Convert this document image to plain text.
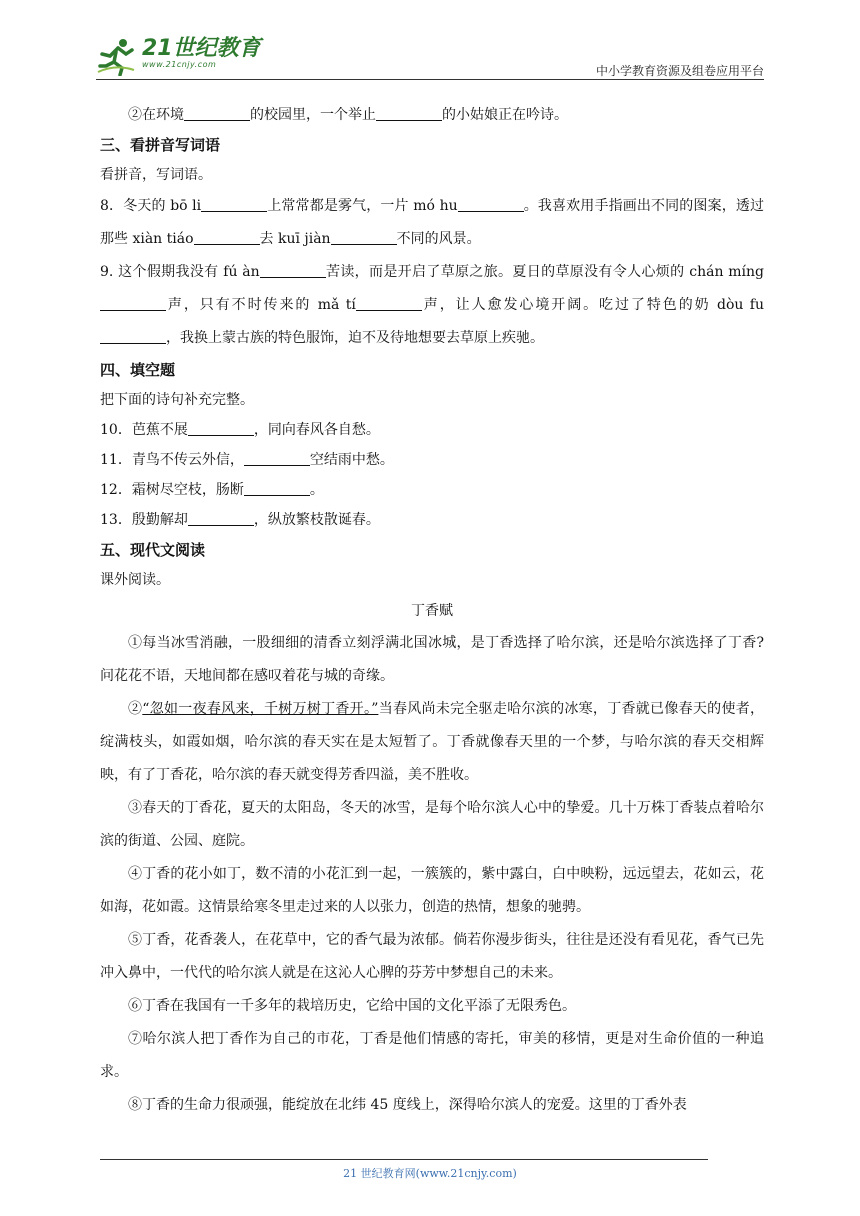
21世纪教育
www.21cnjy.com	中小学教育资源及组卷应用平台
②在环境	的校园里，一个举止	的小姑娘正在吟诗。
三、看拼音写词语
看拼音，写词语。
8．冬天的 bō li	上常常都是雾气，一片 mó hu	。我喜欢用手指画出不同的图案，透过那些 xiàn tiáo	去 kuī jiàn	不同的风景。
9. 这个假期我没有 fú àn	苦读，而是开启了草原之旅。夏日的草原没有令人心烦的 chán míng声，只有不时传来的 mǎ tí	声，让人愈发心境开阔。吃过了特色的奶 dòu fu，我换上蒙古族的特色服饰，迫不及待地想要去草原上疾驰。
四、填空题
把下面的诗句补充完整。
10．芭蕉不展	，同向春风各自愁。
11．青鸟不传云外信，	空结雨中愁。
12．霜树尽空枝，肠断	。
13．殷勤解却	，纵放繁枝散诞春。
五、现代文阅读
课外阅读。
丁香赋
①每当冰雪消融，一股细细的清香立刻浮满北国冰城，是丁香选择了哈尔滨，还是哈尔滨选择了丁香?问花花不语，天地间都在感叹着花与城的奇缘。
②“忽如一夜春风来，千树万树丁香开。”当春风尚未完全驱走哈尔滨的冰寒，丁香就已像春天的使者，绽满枝头，如霞如烟，哈尔滨的春天实在是太短暂了。丁香就像春天里的一个梦，与哈尔滨的春天交相辉映，有了丁香花，哈尔滨的春天就变得芳香四溢，美不胜收。
③春天的丁香花，夏天的太阳岛，冬天的冰雪，是每个哈尔滨人心中的挚爱。几十万株丁香装点着哈尔滨的街道、公园、庭院。
④丁香的花小如丁，数不清的小花汇到一起，一簇簇的，紫中露白，白中映粉，远远望去，花如云，花如海，花如霞。这情景给寒冬里走过来的人以张力，创造的热情，想象的驰骋。
⑤丁香，花香袭人，在花草中，它的香气最为浓郁。倘若你漫步街头，往往是还没有看见花，香气已先冲入鼻中，一代代的哈尔滨人就是在这沁人心脾的芬芳中梦想自己的未来。
⑥丁香在我国有一千多年的栽培历史，它给中国的文化平添了无限秀色。
⑦哈尔滨人把丁香作为自己的市花，丁香是他们情感的寄托，审美的移情，更是对生命价值的一种追求。
⑧丁香的生命力很顽强，能绽放在北纬 45 度线上，深得哈尔滨人的宠爱。这里的丁香外表
21 世纪教育网(www.21cnjy.com)
